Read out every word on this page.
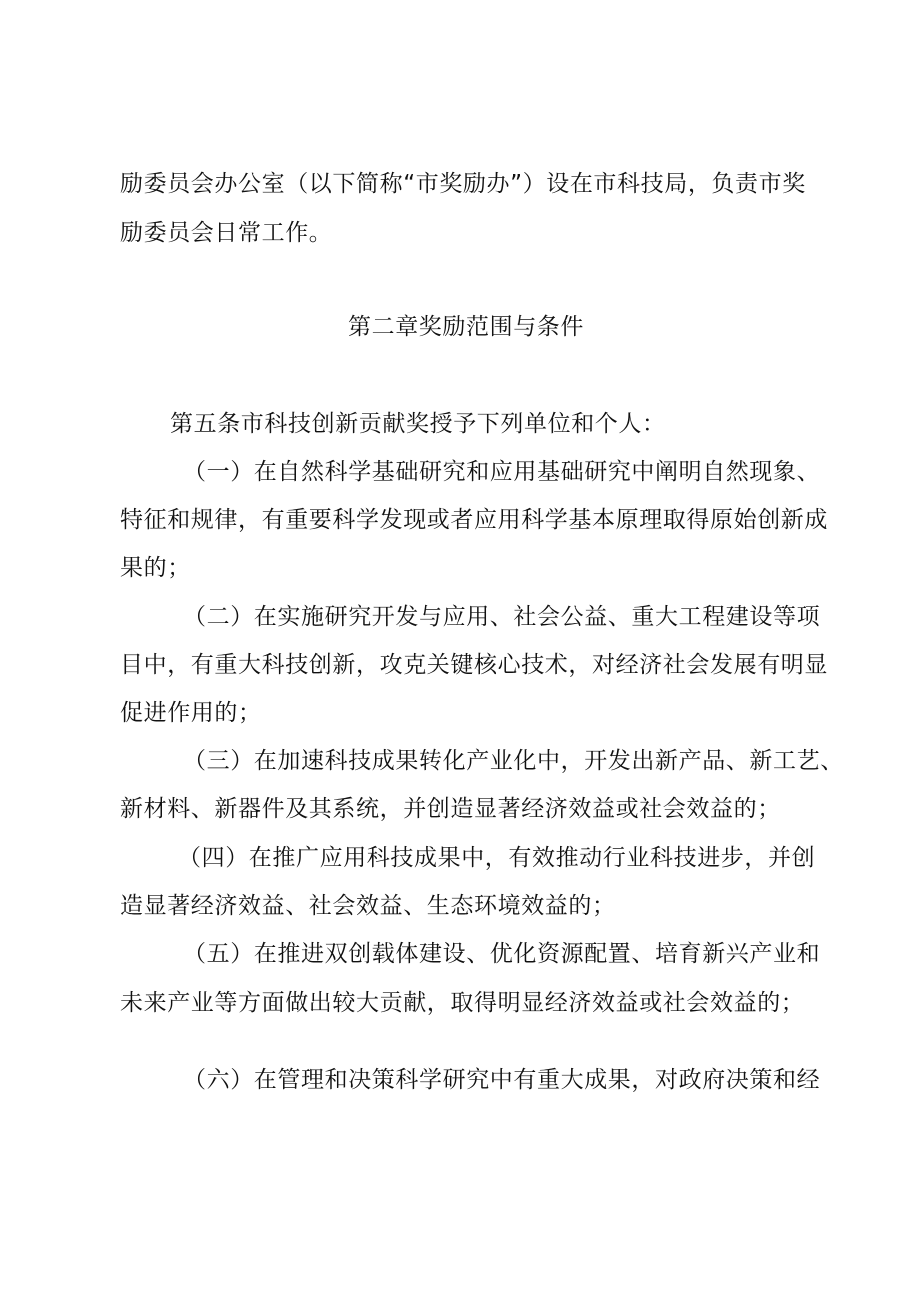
励委员会办公室（以下简称“市奖励办”）设在市科技局，负责市奖
励委员会日常工作。
第二章奖励范围与条件
第五条市科技创新贡献奖授予下列单位和个人：
（一）在自然科学基础研究和应用基础研究中阐明自然现象、
特征和规律，有重要科学发现或者应用科学基本原理取得原始创新成
果的；
（二）在实施研究开发与应用、社会公益、重大工程建设等项
目中，有重大科技创新，攻克关键核心技术，对经济社会发展有明显
促进作用的；
（三）在加速科技成果转化产业化中，开发出新产品、新工艺、
新材料、新器件及其系统，并创造显著经济效益或社会效益的；
（四）在推广应用科技成果中，有效推动行业科技进步，并创
造显著经济效益、社会效益、生态环境效益的；
（五）在推进双创载体建设、优化资源配置、培育新兴产业和
未来产业等方面做出较大贡献，取得明显经济效益或社会效益的；
（六）在管理和决策科学研究中有重大成果，对政府决策和经
